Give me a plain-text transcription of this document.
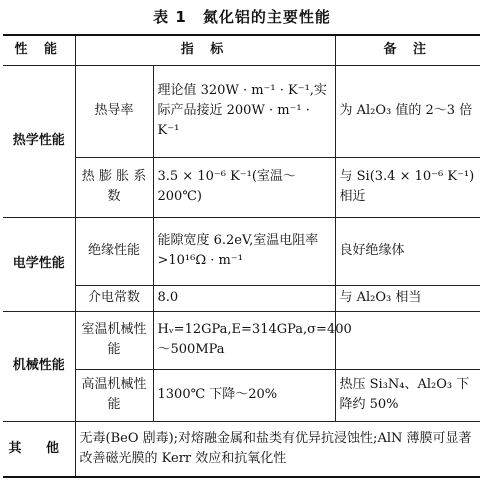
表 1　氮化铝的主要性能
性 能	指 标		备 注
热学性能	热导率	理论值 320W · m⁻¹ · K⁻¹,实际产品接近 200W · m⁻¹ · K⁻¹	为 Al₂O₃ 值的 2～3 倍
	热 膨 胀 系数	3.5 × 10⁻⁶ K⁻¹(室温～200℃)	与 Si(3.4 × 10⁻⁶ K⁻¹)相近
电学性能	绝缘性能	能隙宽度 6.2eV,室温电阻率>10¹⁶Ω · m⁻¹	良好绝缘体
	介电常数	8.0	与 Al₂O₃ 相当
机械性能	室温机械性能	Hᵥ=12GPa,E=314GPa,σ=400～500MPa	
	高温机械性能	1300℃ 下降～20%	热压 Si₃N₄、Al₂O₃ 下降约 50%
其 他	无毒(BeO 剧毒);对熔融金属和盐类有优异抗浸蚀性;AlN 薄膜可显著改善磁光膜的 Kerr 效应和抗氧化性		
